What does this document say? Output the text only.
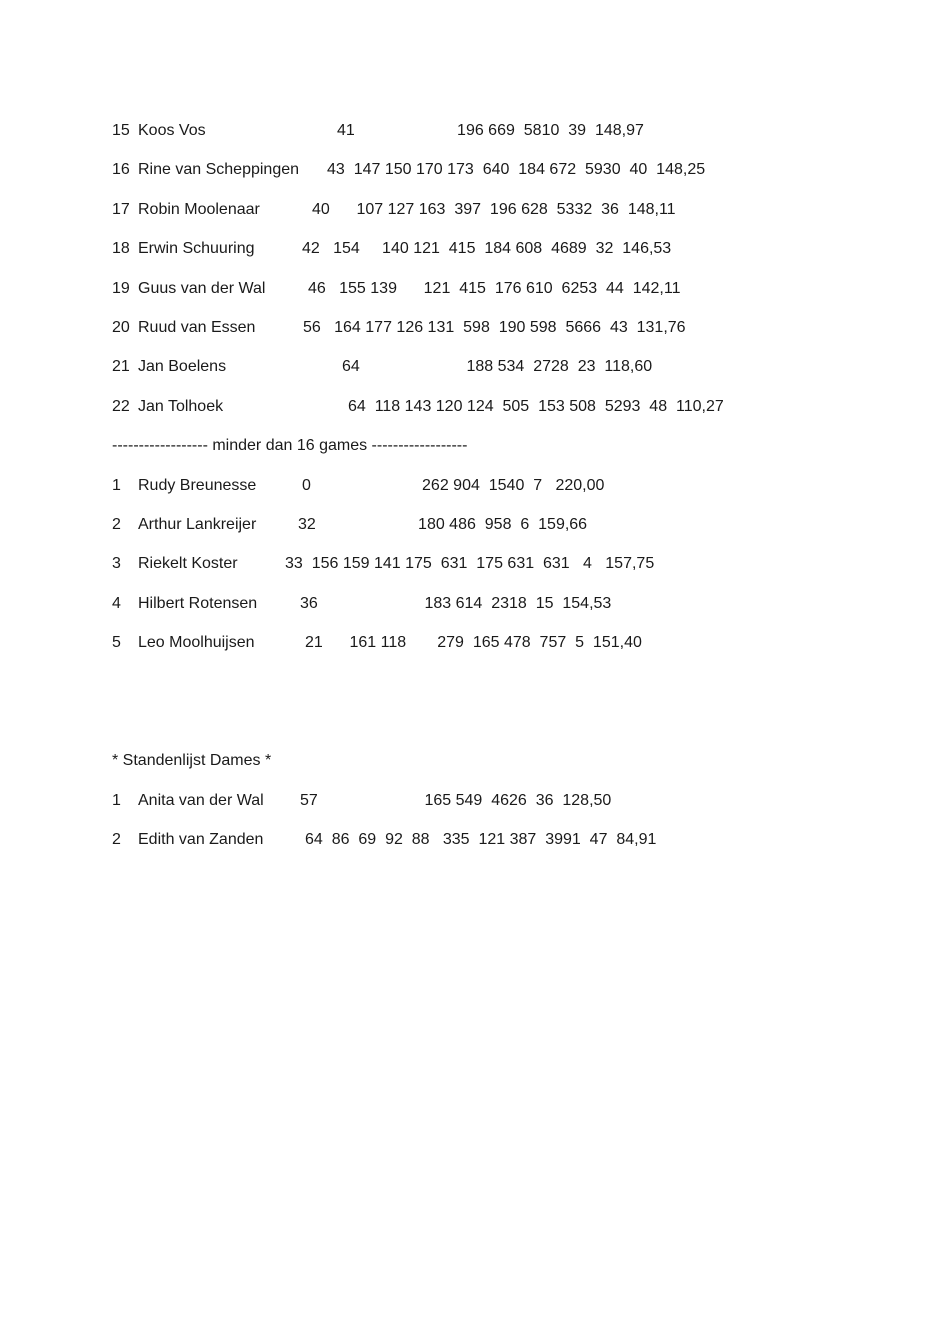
15 Koos Vos	41                       196 669  5810  39  148,97
16 Rine van Scheppingen 43  147 150 170 173  640  184 672  5930  40  148,25
17 Robin Moolenaar	40      107 127 163  397  196 628  5332  36  148,11
18 Erwin Schuuring	42   154     140 121  415  184 608  4689  32  146,53
19 Guus van der Wal	46   155 139      121  415  176 610  6253  44  142,11
20 Ruud van Essen	56   164 177 126 131  598  190 598  5666  43  131,76
21 Jan Boelens	64                        188 534  2728  23  118,60
22 Jan Tolhoek	64  118 143 120 124  505  153 508  5293  48  110,27
------------------ minder dan 16 games ------------------
1 Rudy Breunesse	0                         262 904  1540  7   220,00
2 Arthur Lankreijer	32                       180 486  958  6  159,66
3 Riekelt Koster	33  156 159 141 175  631  175 631  631   4   157,75
4 Hilbert Rotensen	36                        183 614  2318  15  154,53
5 Leo Moolhuijsen	21      161 118       279  165 478  757  5  151,40
* Standenlijst Dames *
1 Anita van der Wal 57                        165 549  4626  36  128,50
2 Edith van Zanden	64  86  69  92  88   335  121 387  3991  47  84,91
